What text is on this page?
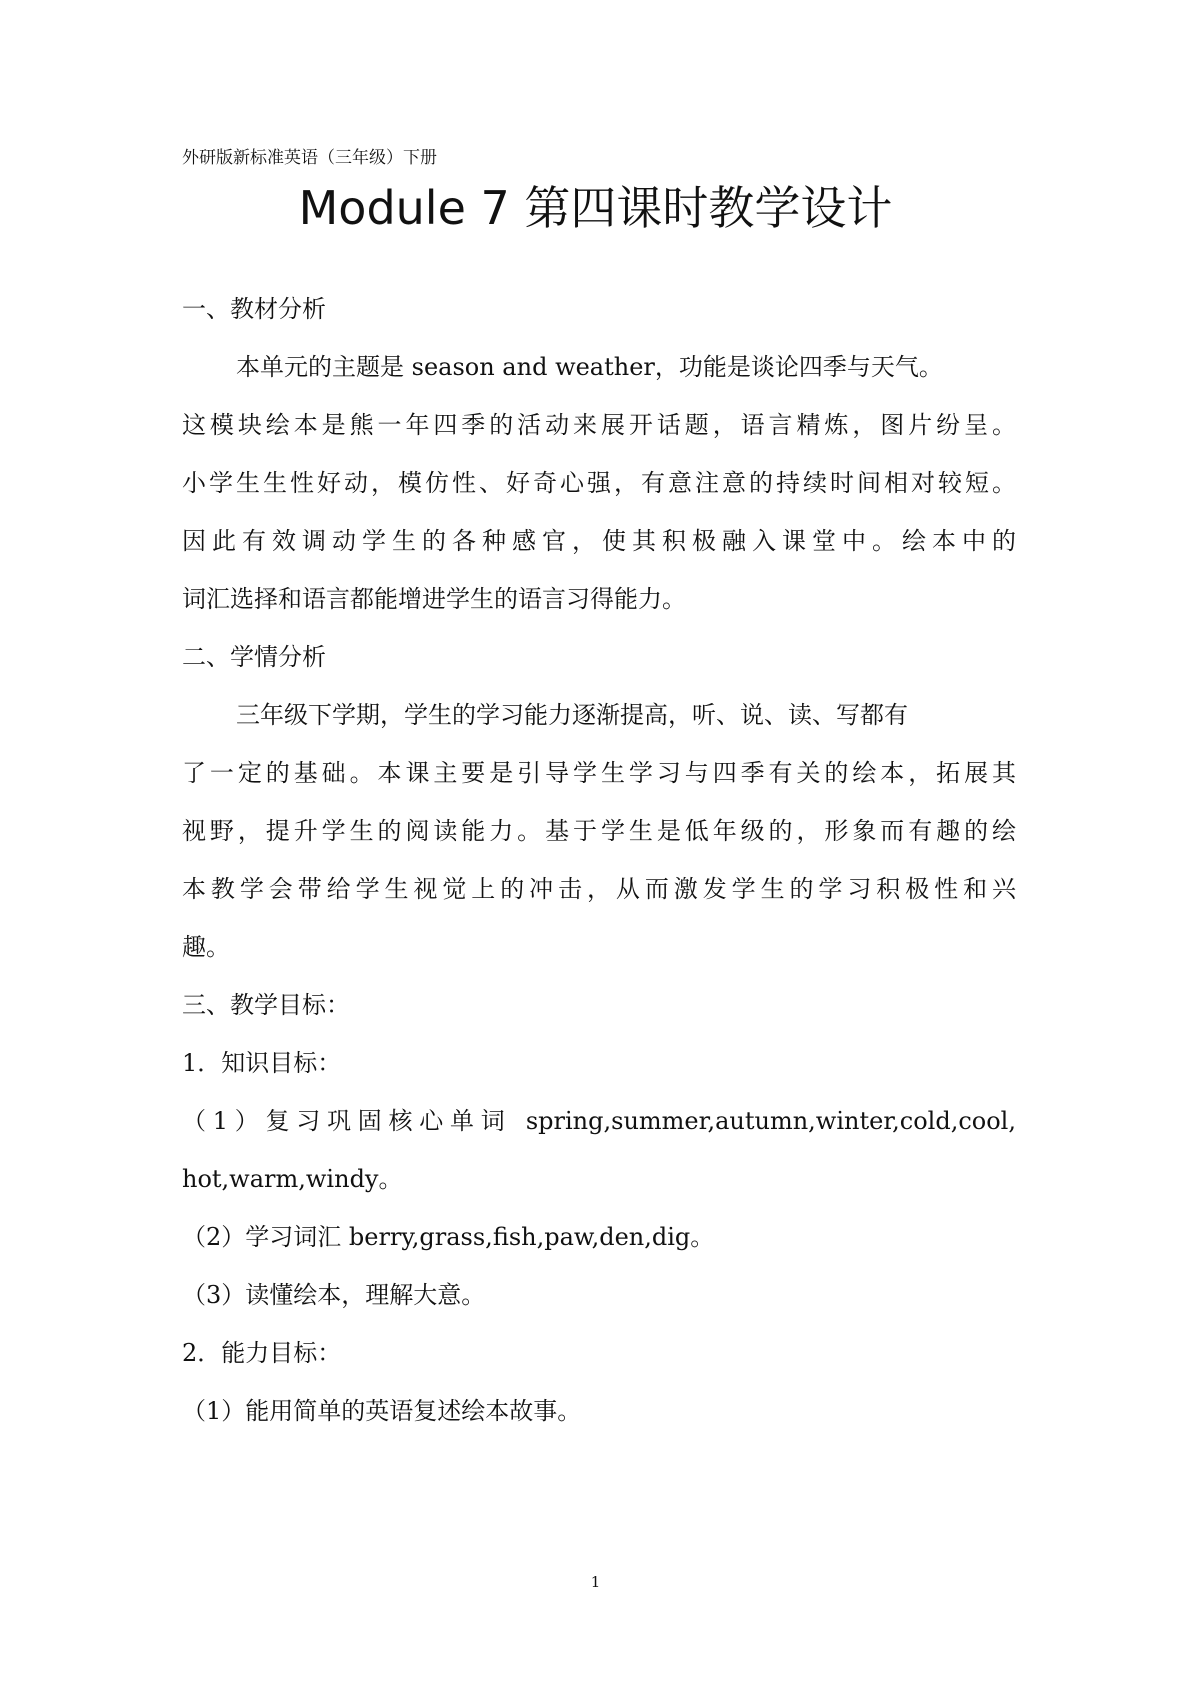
外研版新标准英语（三年级）下册
Module 7 第四课时教学设计
一、教材分析
本单元的主题是 season and weather，功能是谈论四季与天气。
这模块绘本是熊一年四季的活动来展开话题，语言精炼，图片纷呈。
小学生生性好动，模仿性、好奇心强，有意注意的持续时间相对较短。
因此有效调动学生的各种感官，使其积极融入课堂中。绘本中的
词汇选择和语言都能增进学生的语言习得能力。
二、学情分析
三年级下学期，学生的学习能力逐渐提高，听、说、读、写都有
了一定的基础。本课主要是引导学生学习与四季有关的绘本，拓展其
视野，提升学生的阅读能力。基于学生是低年级的，形象而有趣的绘
本教学会带给学生视觉上的冲击，从而激发学生的学习积极性和兴
趣。
三、教学目标：
1．知识目标：
（1）复习巩固核心单词 spring,summer,autumn,winter,cold,cool,
hot,warm,windy。
（2）学习词汇 berry,grass,fish,paw,den,dig。
（3）读懂绘本，理解大意。
2．能力目标：
（1）能用简单的英语复述绘本故事。
1
